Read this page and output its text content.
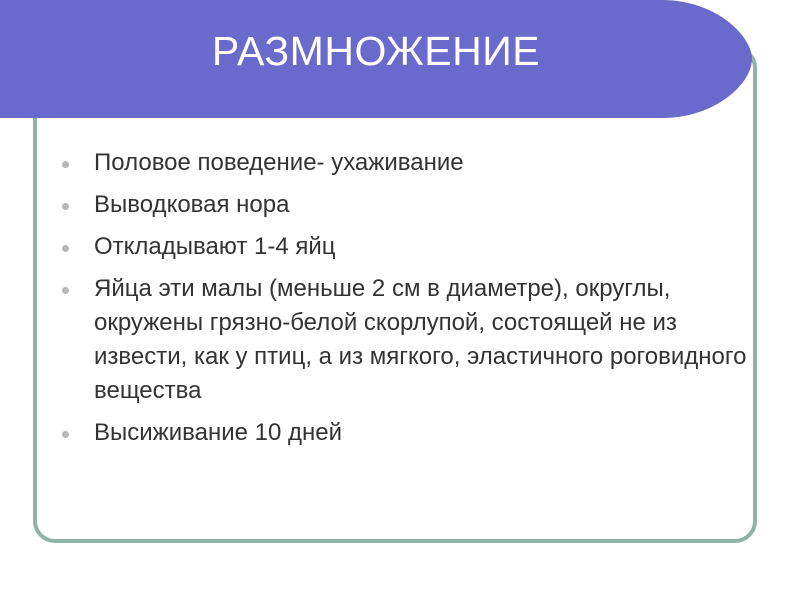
РАЗМНОЖЕНИЕ
Половое поведение- ухаживание
Выводковая нора
Откладывают 1-4 яйц
Яйца эти малы (меньше 2 см в диаметре), округлы, окружены грязно-белой скорлупой, состоящей не из извести, как у птиц, а из мягкого, эластичного роговидного вещества
Высиживание 10 дней
